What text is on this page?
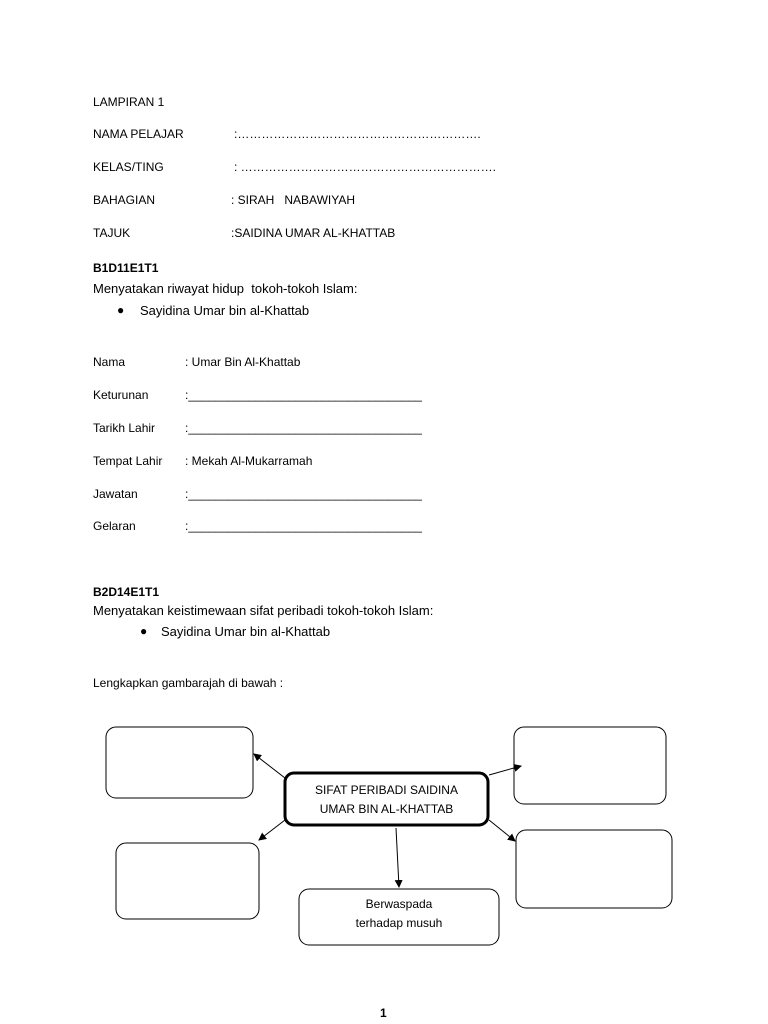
LAMPIRAN 1
NAMA PELAJAR	:…………………………………………………….
KELAS/TING	: ……………………………………………………….
BAHAGIAN	: SIRAH   NABAWIYAH
TAJUK	:SAIDINA UMAR AL-KHATTAB
B1D11E1T1
Menyatakan riwayat hidup  tokoh-tokoh Islam:
● Sayidina Umar bin al-Khattab
Nama	: Umar Bin Al-Khattab
Keturunan	:___________________________________
Tarikh Lahir :___________________________________
Tempat Lahir : Mekah Al-Mukarramah
Jawatan	:___________________________________
Gelaran	:___________________________________
B2D14E1T1
Menyatakan keistimewaan sifat peribadi tokoh-tokoh Islam:
● Sayidina Umar bin al-Khattab
Lengkapkan gambarajah di bawah :
SIFAT PERIBADI SAIDINA
UMAR BIN AL-KHATTAB
Berwaspada
terhadap musuh
1
